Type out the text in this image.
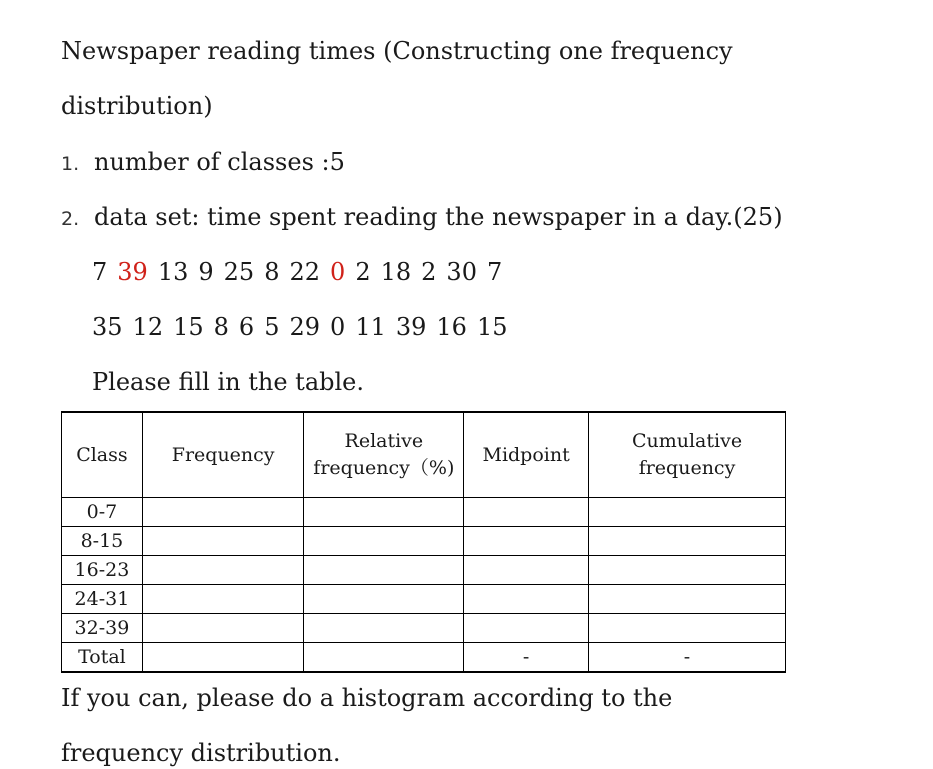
Newspaper reading times (Constructing one frequency
distribution)
1. number of classes :5
2. data set: time spent reading the newspaper in a day.(25)
7 39 13 9 25 8 22 0 2 18 2 30 7
35 12 15 8 6 5 29 0 11 39 16 15
Please fill in the table.
Class	Frequency	Relative frequency（%)	Midpoint	Cumulative frequency
0-7				
8-15				
16-23				
24-31				
32-39				
Total			-	-
If you can, please do a histogram according to the
frequency distribution.
